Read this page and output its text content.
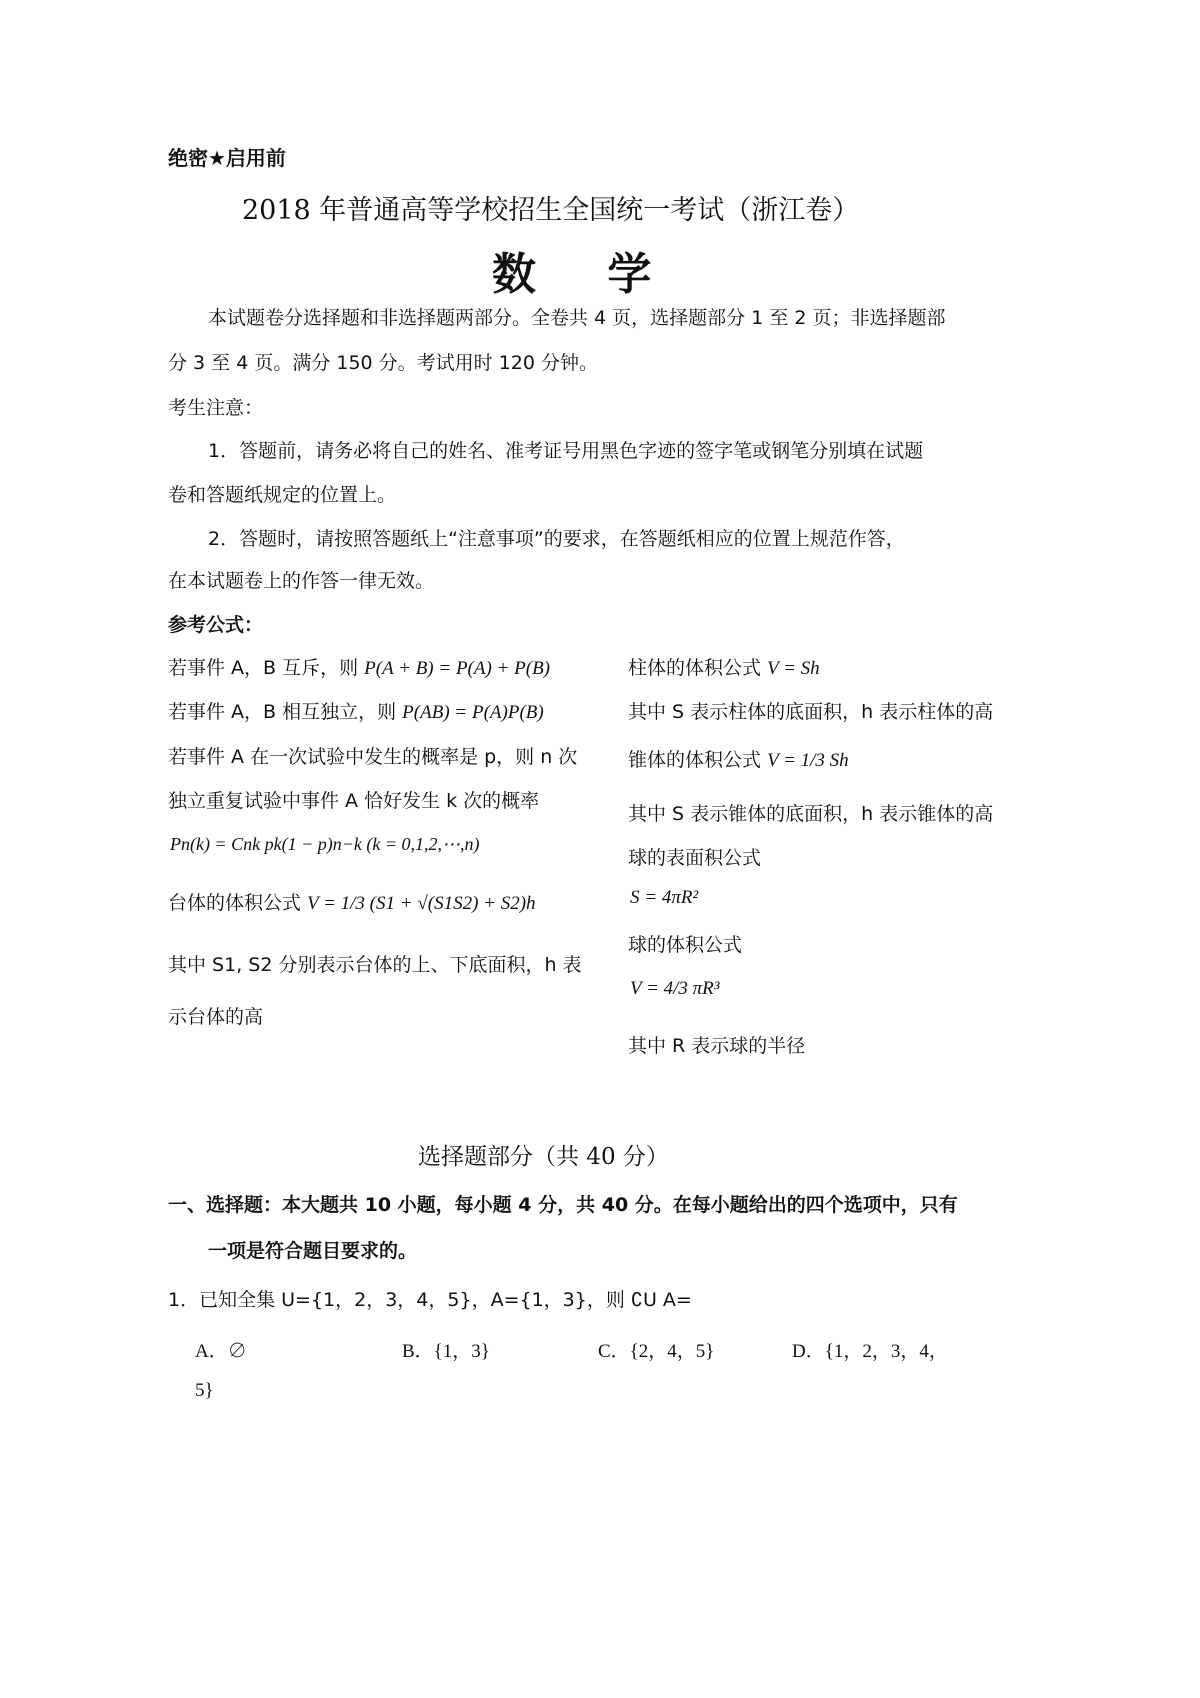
绝密★启用前
2018 年普通高等学校招生全国统一考试（浙江卷）
数 学
本试题卷分选择题和非选择题两部分。全卷共 4 页，选择题部分 1 至 2 页；非选择题部
分 3 至 4 页。满分 150 分。考试用时 120 分钟。
考生注意：
1．答题前，请务必将自己的姓名、准考证号用黑色字迹的签字笔或钢笔分别填在试题
卷和答题纸规定的位置上。
2．答题时，请按照答题纸上“注意事项”的要求，在答题纸相应的位置上规范作答，
在本试题卷上的作答一律无效。
参考公式：
若事件 A，B 互斥，则 P(A + B) = P(A) + P(B)
若事件 A，B 相互独立，则 P(AB) = P(A)P(B)
若事件 A 在一次试验中发生的概率是 p，则 n 次
独立重复试验中事件 A 恰好发生 k 次的概率
Pn(k) = Cnk pk(1 − p)n−k (k = 0,1,2,⋯,n)
台体的体积公式 V = 1/3 (S1 + √(S1S2) + S2)h
其中 S1, S2 分别表示台体的上、下底面积，h 表
示台体的高
柱体的体积公式 V = Sh
其中 S 表示柱体的底面积，h 表示柱体的高
锥体的体积公式 V = 1/3 Sh
其中 S 表示锥体的底面积，h 表示锥体的高
球的表面积公式
S = 4πR²
球的体积公式
V = 4/3 πR³
其中 R 表示球的半径
选择题部分（共 40 分）
一、选择题：本大题共 10 小题，每小题 4 分，共 40 分。在每小题给出的四个选项中，只有
一项是符合题目要求的。
1．已知全集 U={1，2，3，4，5}，A={1，3}，则 ∁U A=
A．∅	B．{1，3}	C．{2，4，5}	D．{1，2，3，4，
5}
